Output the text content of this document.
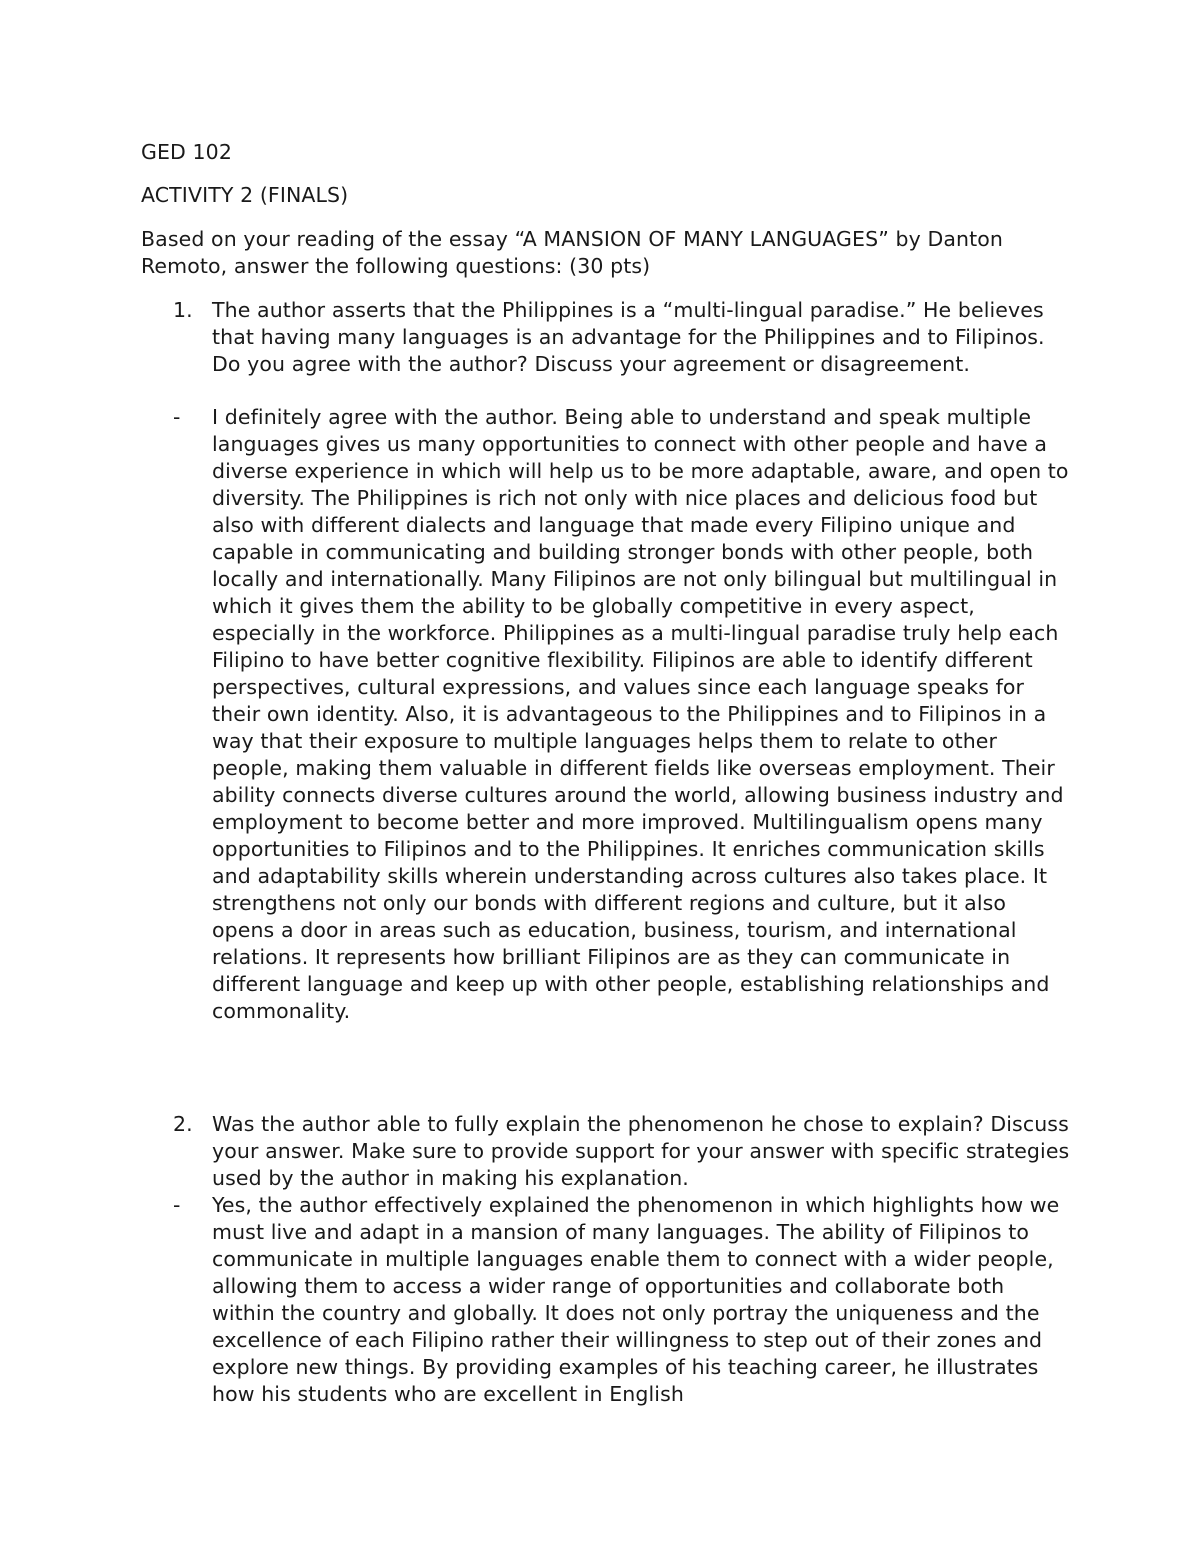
GED 102
ACTIVITY 2 (FINALS)
Based on your reading of the essay “A MANSION OF MANY LANGUAGES” by Danton
Remoto, answer the following questions: (30 pts)
1. The author asserts that the Philippines is a “multi-lingual paradise.” He believes that having many languages is an advantage for the Philippines and to Filipinos. Do you agree with the author? Discuss your agreement or disagreement.
-	I definitely agree with the author. Being able to understand and speak multiple languages gives us many opportunities to connect with other people and have a diverse experience in which will help us to be more adaptable, aware, and open to diversity. The Philippines is rich not only with nice places and delicious food but also with different dialects and language that made every Filipino unique and capable in communicating and building stronger bonds with other people, both locally and internationally. Many Filipinos are not only bilingual but multilingual in which it gives them the ability to be globally competitive in every aspect, especially in the workforce. Philippines as a multi-lingual paradise truly help each Filipino to have better cognitive flexibility. Filipinos are able to identify different perspectives, cultural expressions, and values since each language speaks for their own identity. Also, it is advantageous to the Philippines and to Filipinos in a way that their exposure to multiple languages helps them to relate to other people, making them valuable in different fields like overseas employment. Their ability connects diverse cultures around the world, allowing business industry and employment to become better and more improved. Multilingualism opens many opportunities to Filipinos and to the Philippines. It enriches communication skills and adaptability skills wherein understanding across cultures also takes place. It strengthens not only our bonds with different regions and culture, but it also opens a door in areas such as education, business, tourism, and international relations. It represents how brilliant Filipinos are as they can communicate in different language and keep up with other people, establishing relationships and commonality.
2. Was the author able to fully explain the phenomenon he chose to explain? Discuss your answer. Make sure to provide support for your answer with specific strategies used by the author in making his explanation.
-	Yes, the author effectively explained the phenomenon in which highlights how we must live and adapt in a mansion of many languages. The ability of Filipinos to communicate in multiple languages enable them to connect with a wider people, allowing them to access a wider range of opportunities and collaborate both within the country and globally. It does not only portray the uniqueness and the excellence of each Filipino rather their willingness to step out of their zones and explore new things. By providing examples of his teaching career, he illustrates how his students who are excellent in English
